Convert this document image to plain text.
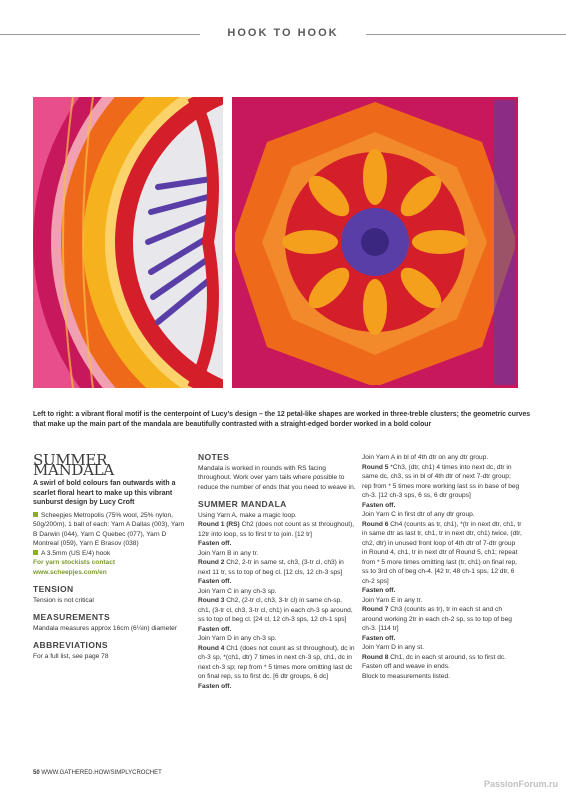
HOOK TO HOOK
Left to right: a vibrant floral motif is the centerpoint of Lucy’s design – the 12 petal-like shapes are worked in three-treble clusters; the geometric curves that make up the main part of the mandala are beautifully contrasted with a straight-edged border worked in a bold colour
SUMMER MANDALA
A swirl of bold colours fan outwards with a scarlet floral heart to make up this vibrant sunburst design by Lucy Croft

Scheepjes Metropolis (75% wool, 25% nylon, 50g/200m), 1 ball of each: Yarn A Dallas (003), Yarn B Darwin (044), Yarn C Quebec (077), Yarn D Montreal (059), Yarn E Brasov (038)

A 3.5mm (US E/4) hook

For yarn stockists contact

www.scheepjes.com/en

TENSION

Tension is not critical

MEASUREMENTS

Mandala measures approx 16cm (6¼in) diameter

ABBREVIATIONS

For a full list, see page 78

NOTES

Mandala is worked in rounds with RS facing throughout. Work over yarn tails where possible to reduce the number of ends that you need to weave in.

SUMMER MANDALA

Using Yarn A, make a magic loop.

Round 1 (RS) Ch2 (does not count as st throughout), 12tr into loop, ss to first tr to join. [12 tr]

Fasten off.

Join Yarn B in any tr.

Round 2 Ch2, 2-tr in same st, ch3, (3-tr cl, ch3) in next 11 tr, ss to top of beg cl. [12 cls, 12 ch-3 sps]

Fasten off.

Join Yarn C in any ch-3 sp.

Round 3 Ch2, (2-tr cl, ch3, 3-tr cl) in same ch-sp, ch1, (3-tr cl, ch3, 3-tr cl, ch1) in each ch-3 sp around, ss to top of beg cl. [24 cl, 12 ch-3 sps, 12 ch-1 sps]

Fasten off.

Join Yarn D in any ch-3 sp.

Round 4 Ch1 (does not count as st throughout), dc in ch-3 sp, *(ch1, dtr) 7 times in next ch-3 sp, ch1, dc in next ch-3 sp; rep from * 5 times more omitting last dc on final rep, ss to first dc. [6 dtr groups, 6 dc]

Fasten off.

Join Yarn A in bl of 4th dtr on any dtr group.

Round 5 *Ch3, (dtr, ch1) 4 times into next dc, dtr in same dc, ch3, ss in bl of 4th dtr of next 7-dtr group; rep from * 5 times more working last ss in base of beg ch-3. [12 ch-3 sps, 6 ss, 6 dtr groups]

Fasten off.

Join Yarn C in first dtr of any dtr group.

Round 6 Ch4 (counts as tr, ch1), *(tr in next dtr, ch1, tr in same dtr as last tr, ch1, tr in next dtr, ch1) twice, (dtr, ch2, dtr) in unused front loop of 4th dtr of 7-dtr group in Round 4, ch1, tr in next dtr of Round 5, ch1; repeat from * 5 more times omitting last (tr, ch1) on final rep, ss to 3rd ch of beg ch-4. [42 tr, 48 ch-1 sps, 12 dtr, 6 ch-2 sps]

Fasten off.

Join Yarn E in any tr.

Round 7 Ch3 (counts as tr), tr in each st and ch around working 2tr in each ch-2 sp, ss to top of beg ch-3. [114 tr]

Fasten off.

Join Yarn D in any st.

Round 8 Ch1, dc in each st around, ss to first dc.

Fasten off and weave in ends.

Block to measurements listed.

50 WWW.GATHERED.HOW/SIMPLYCROCHET
PassionForum.ru
